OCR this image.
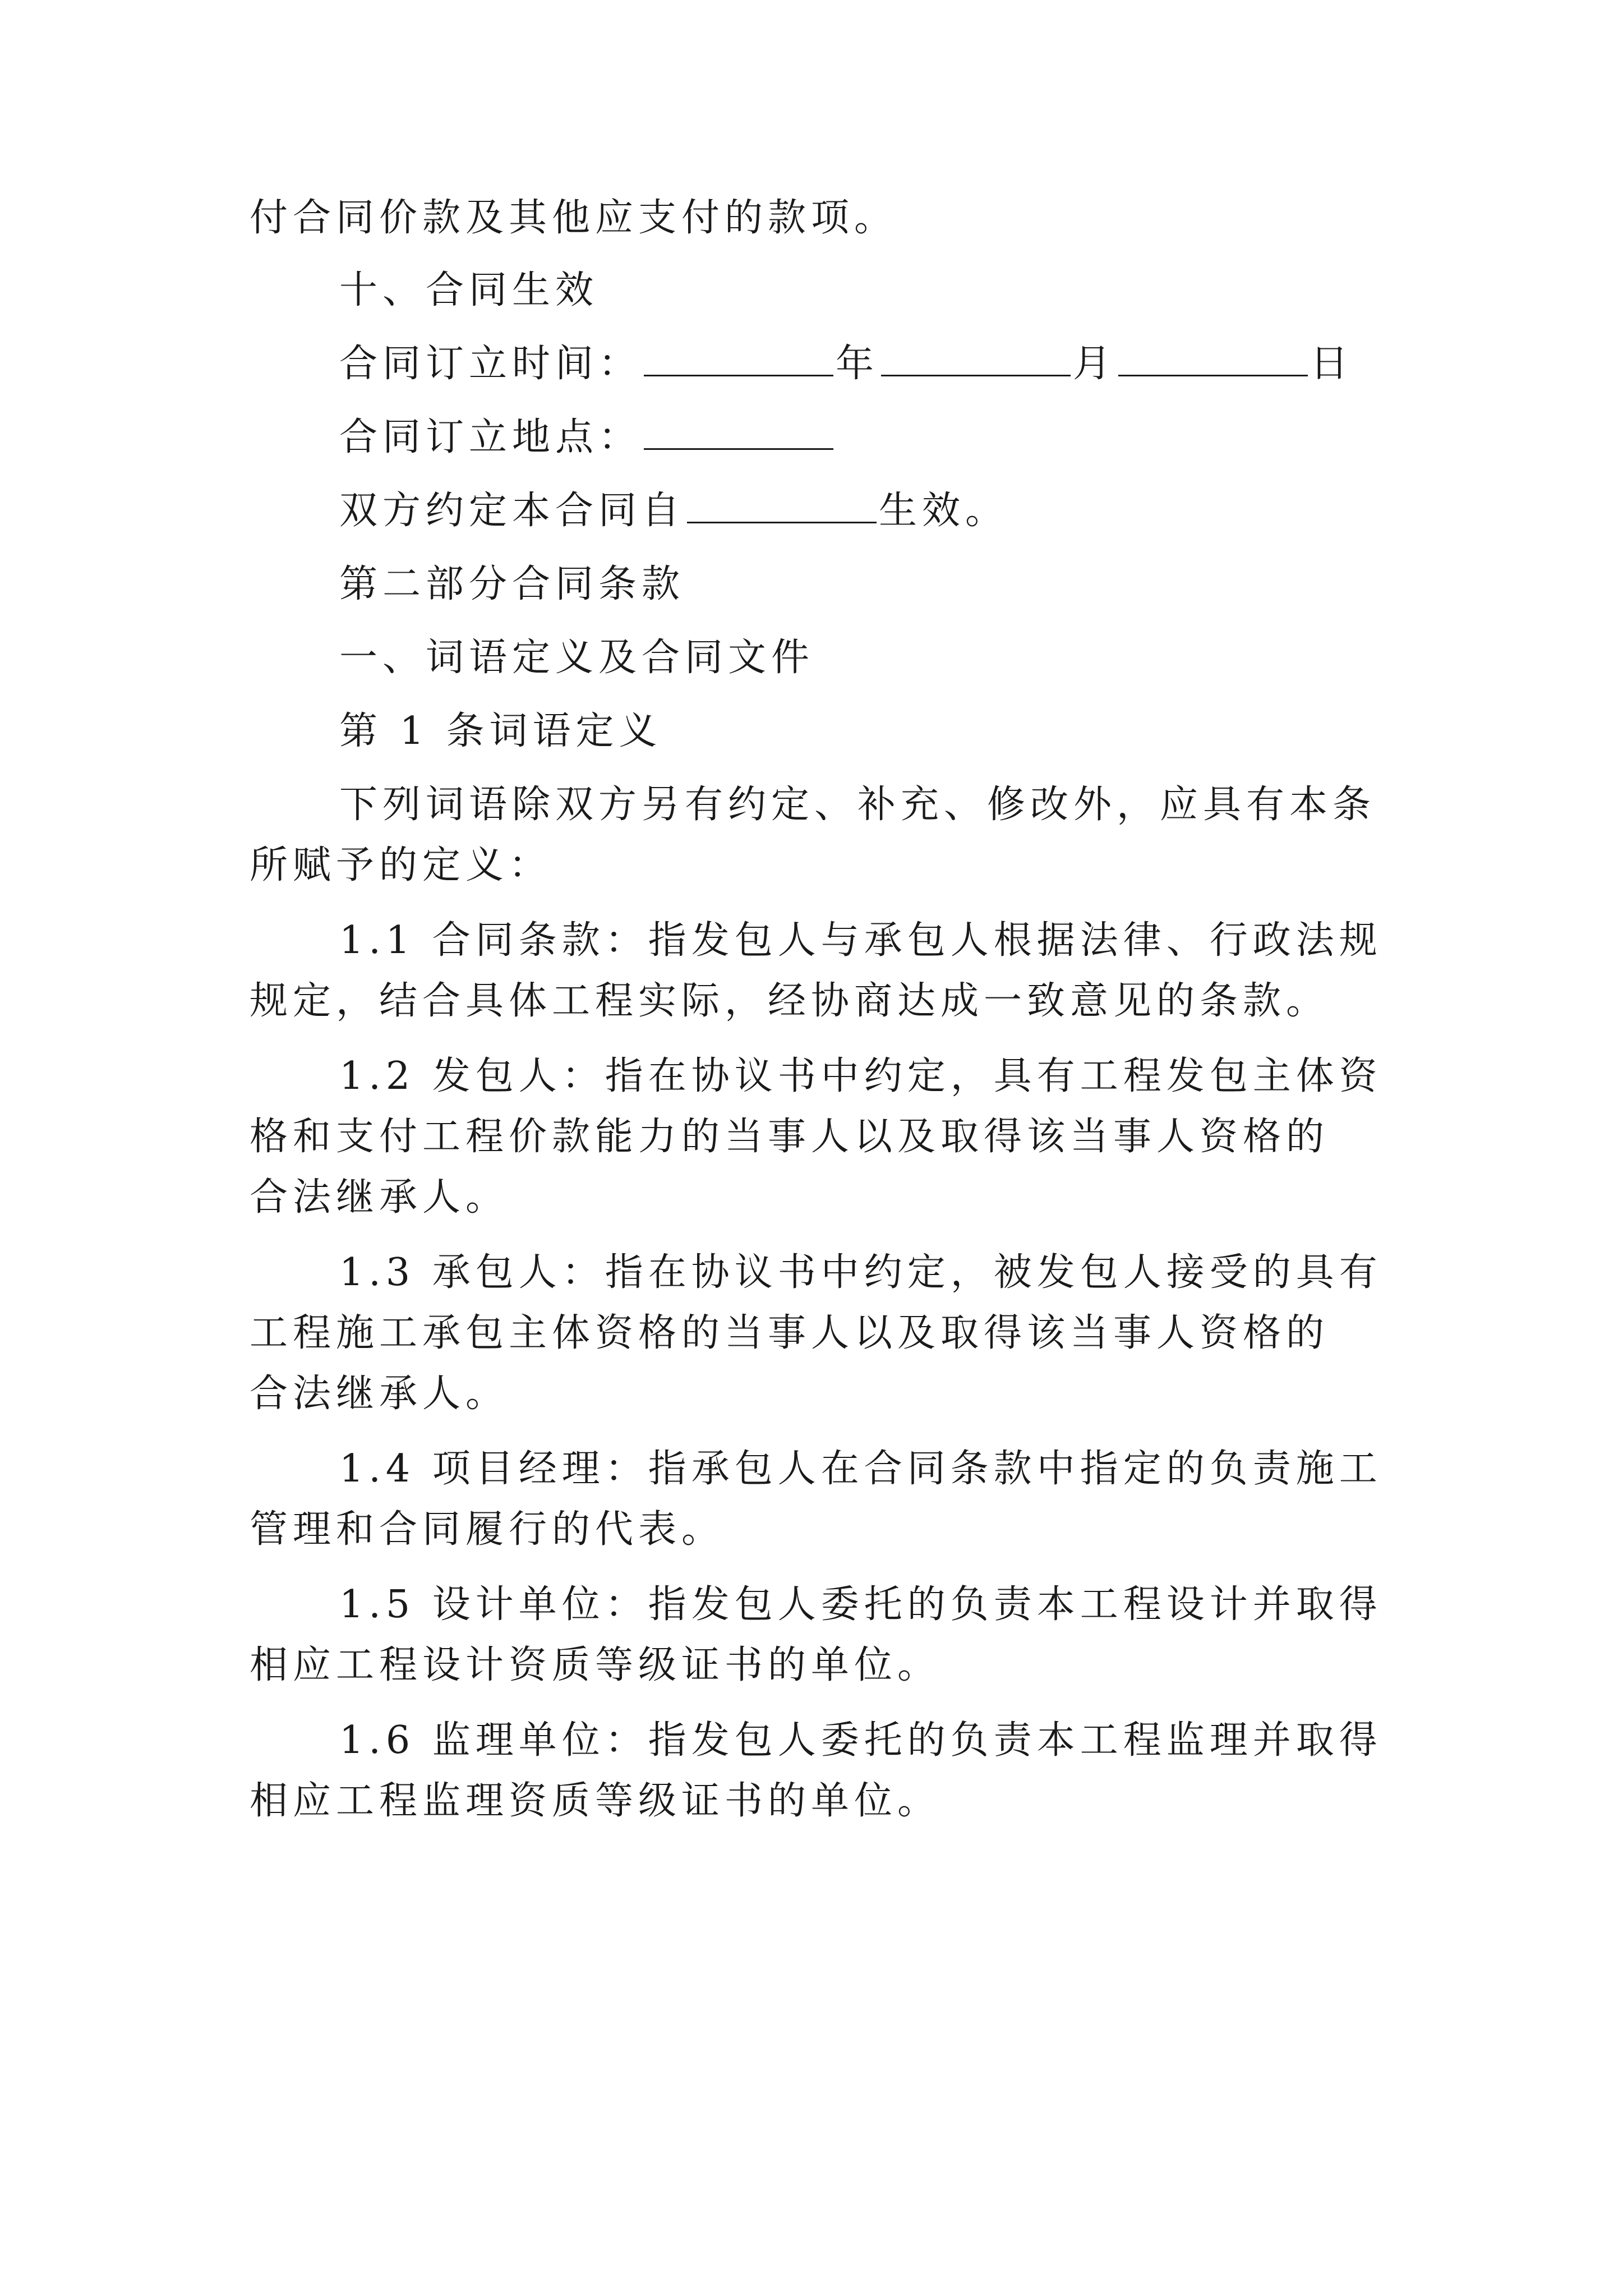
付合同价款及其他应支付的款项。
十、合同生效
合同订立时间：	年	月	日
合同订立地点：
双方约定本合同自	生效。
第二部分合同条款
一、词语定义及合同文件
第 1 条词语定义
下列词语除双方另有约定、补充、修改外，应具有本条
所赋予的定义：
1.1 合同条款：指发包人与承包人根据法律、行政法规
规定，结合具体工程实际，经协商达成一致意见的条款。
1.2 发包人：指在协议书中约定，具有工程发包主体资
格和支付工程价款能力的当事人以及取得该当事人资格的
合法继承人。
1.3 承包人：指在协议书中约定，被发包人接受的具有
工程施工承包主体资格的当事人以及取得该当事人资格的
合法继承人。
1.4 项目经理：指承包人在合同条款中指定的负责施工
管理和合同履行的代表。
1.5 设计单位：指发包人委托的负责本工程设计并取得
相应工程设计资质等级证书的单位。
1.6 监理单位：指发包人委托的负责本工程监理并取得
相应工程监理资质等级证书的单位。
